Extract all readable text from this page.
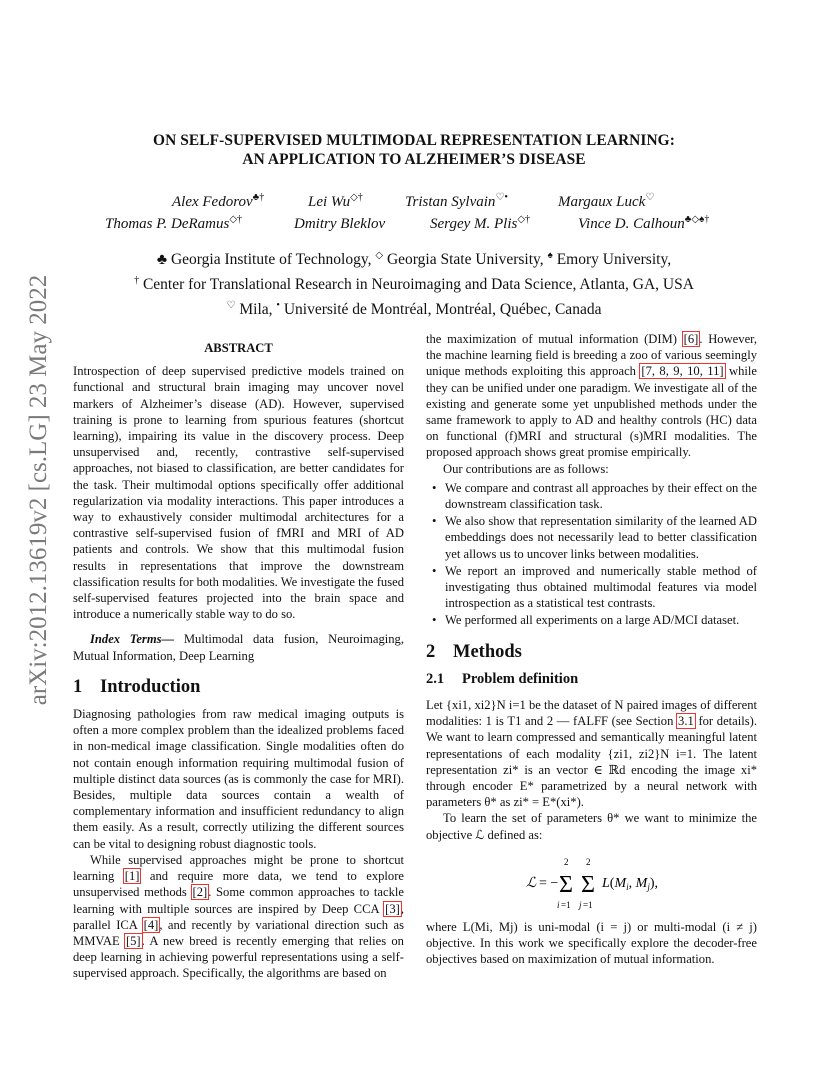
arXiv:2012.13619v2 [cs.LG] 23 May 2022
ON SELF-SUPERVISED MULTIMODAL REPRESENTATION LEARNING:
AN APPLICATION TO ALZHEIMER’S DISEASE
Alex Fedorov♣†	Lei Wu◇†	Tristan Sylvain♡•	Margaux Luck♡
Thomas P. DeRamus◇†	Dmitry Bleklov	Sergey M. Plis◇†	Vince D. Calhoun♣◇♠†
♣ Georgia Institute of Technology, ◇ Georgia State University, ♠ Emory University,
† Center for Translational Research in Neuroimaging and Data Science, Atlanta, GA, USA
♡ Mila, • Université de Montréal, Montréal, Québec, Canada
ABSTRACT

Introspection of deep supervised predictive models trained on functional and structural brain imaging may uncover novel markers of Alzheimer’s disease (AD). However, supervised training is prone to learning from spurious features (shortcut learning), impairing its value in the discovery process. Deep unsupervised and, recently, contrastive self-supervised approaches, not biased to classification, are better candidates for the task. Their multimodal options specifically offer additional regularization via modality interactions. This paper introduces a way to exhaustively consider multimodal architectures for a contrastive self-supervised fusion of fMRI and MRI of AD patients and controls. We show that this multimodal fusion results in representations that improve the downstream classification results for both modalities. We investigate the fused self-supervised features projected into the brain space and introduce a numerically stable way to do so.

Index Terms— Multimodal data fusion, Neuroimaging, Mutual Information, Deep Learning

1 Introduction

Diagnosing pathologies from raw medical imaging outputs is often a more complex problem than the idealized problems faced in non-medical image classification. Single modalities often do not contain enough information requiring multimodal fusion of multiple distinct data sources (as is commonly the case for MRI). Besides, multiple data sources contain a wealth of complementary information and insufficient redundancy to align them easily. As a result, correctly utilizing the different sources can be vital to designing robust diagnostic tools.

While supervised approaches might be prone to shortcut learning [1] and require more data, we tend to explore unsupervised methods [2]. Some common approaches to tackle learning with multiple sources are inspired by Deep CCA [3], parallel ICA [4], and recently by variational direction such as MMVAE [5]. A new breed is recently emerging that relies on deep learning in achieving powerful representations using a self-supervised approach. Specifically, the algorithms are based on

the maximization of mutual information (DIM) [6]. However, the machine learning field is breeding a zoo of various seemingly unique methods exploiting this approach [7, 8, 9, 10, 11] while they can be unified under one paradigm. We investigate all of the existing and generate some yet unpublished methods under the same framework to apply to AD and healthy controls (HC) data on functional (f)MRI and structural (s)MRI modalities. The proposed approach shows great promise empirically.

Our contributions are as follows:

• We compare and contrast all approaches by their effect on the downstream classification task.
• We also show that representation similarity of the learned AD embeddings does not necessarily lead to better classification yet allows us to uncover links between modalities.
• We report an improved and numerically stable method of investigating thus obtained multimodal features via model introspection as a statistical test contrasts.
• We performed all experiments on a large AD/MCI dataset.
2 Methods
2.1 Problem definition

Let {xi1, xi2}N i=1 be the dataset of N paired images of different modalities: 1 is T1 and 2 — fALFF (see Section 3.1 for details). We want to learn compressed and semantically meaningful latent representations of each modality {zi1, zi2}N i=1. The latent representation zi* is an vector ∈ ℝd encoding the image xi* through encoder E* parametrized by a neural network with parameters θ* as zi* = E*(xi*).

To learn the set of parameters θ* we want to minimize the objective ℒ defined as:

ℒ = −
2
Σ
i =1
2
Σ
j =1
$L(M_i$, $M_j$),

where L(Mi, Mj) is uni-modal (i = j) or multi-modal (i ≠ j) objective. In this work we specifically explore the decoder-free objectives based on maximization of mutual information.
